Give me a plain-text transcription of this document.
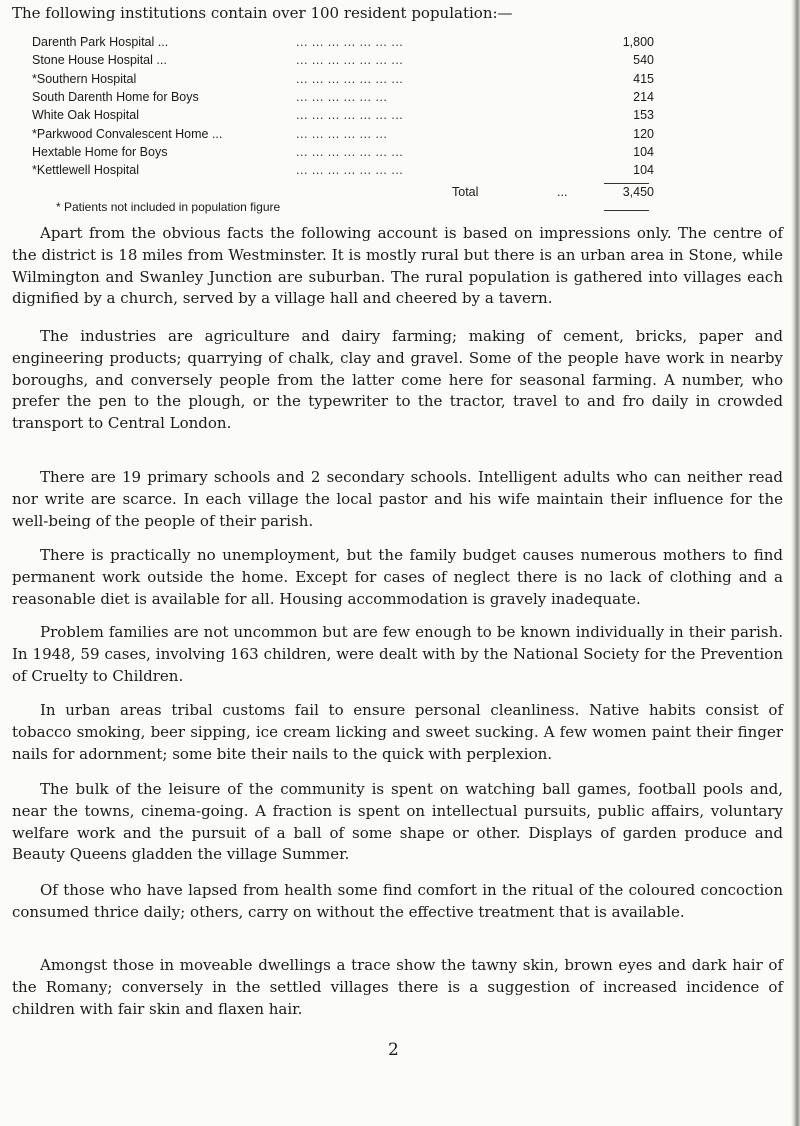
The following institutions contain over 100 resident population:—
Darenth Park Hospital ...	... ... ... ... ... ... ...	1,800
Stone House Hospital ...	... ... ... ... ... ... ...	540
*Southern Hospital	... ... ... ... ... ... ...	415
South Darenth Home for Boys	... ... ... ... ... ...	214
White Oak Hospital	... ... ... ... ... ... ...	153
*Parkwood Convalescent Home ...	... ... ... ... ... ...	120
Hextable Home for Boys	... ... ... ... ... ... ...	104
*Kettlewell Hospital	... ... ... ... ... ... ...	104
Total	...	3,450
* Patients not included in population figure

Apart from the obvious facts the following account is based on impressions only. The centre of the district is 18 miles from Westminster. It is mostly rural but there is an urban area in Stone, while Wilmington and Swanley Junction are suburban. The rural population is gathered into villages each dignified by a church, served by a village hall and cheered by a tavern.

The industries are agriculture and dairy farming; making of cement, bricks, paper and engineering products; quarrying of chalk, clay and gravel. Some of the people have work in nearby boroughs, and conversely people from the latter come here for seasonal farming. A number, who prefer the pen to the plough, or the typewriter to the tractor, travel to and fro daily in crowded transport to Central London.

There are 19 primary schools and 2 secondary schools. Intelligent adults who can neither read nor write are scarce. In each village the local pastor and his wife maintain their influence for the well-being of the people of their parish.

There is practically no unemployment, but the family budget causes numerous mothers to find permanent work outside the home. Except for cases of neglect there is no lack of clothing and a reasonable diet is available for all. Housing accommodation is gravely inadequate.

Problem families are not uncommon but are few enough to be known individually in their parish. In 1948, 59 cases, involving 163 children, were dealt with by the National Society for the Prevention of Cruelty to Children.

In urban areas tribal customs fail to ensure personal cleanliness. Native habits consist of tobacco smoking, beer sipping, ice cream licking and sweet sucking. A few women paint their finger nails for adornment; some bite their nails to the quick with perplexion.

The bulk of the leisure of the community is spent on watching ball games, football pools and, near the towns, cinema-going. A fraction is spent on intellectual pursuits, public affairs, voluntary welfare work and the pursuit of a ball of some shape or other. Displays of garden produce and Beauty Queens gladden the village Summer.

Of those who have lapsed from health some find comfort in the ritual of the coloured concoction consumed thrice daily; others, carry on without the effective treatment that is available.

Amongst those in moveable dwellings a trace show the tawny skin, brown eyes and dark hair of the Romany; conversely in the settled villages there is a suggestion of increased incidence of children with fair skin and flaxen hair.

2
